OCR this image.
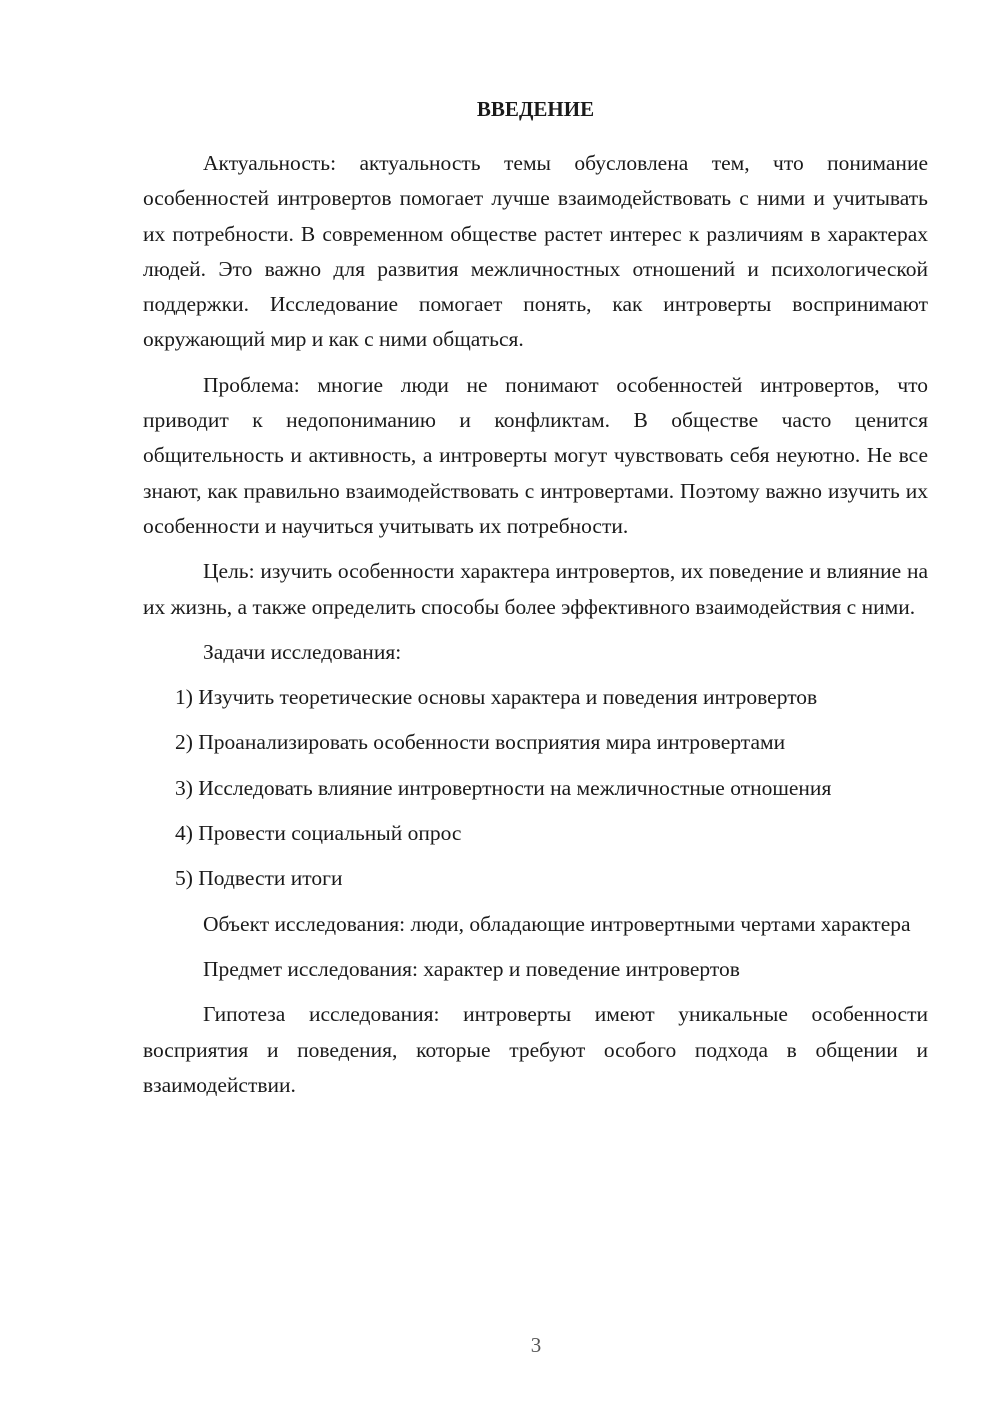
ВВЕДЕНИЕ

Актуальность: актуальность темы обусловлена тем, что понимание особенностей интровертов помогает лучше взаимодействовать с ними и учитывать их потребности. В современном обществе растет интерес к различиям в характерах людей. Это важно для развития межличностных отношений и психологической поддержки. Исследование помогает понять, как интроверты воспринимают окружающий мир и как с ними общаться.

Проблема: многие люди не понимают особенностей интровертов, что приводит к недопониманию и конфликтам. В обществе часто ценится общительность и активность, а интроверты могут чувствовать себя неуютно. Не все знают, как правильно взаимодействовать с интровертами. Поэтому важно изучить их особенности и научиться учитывать их потребности.

Цель: изучить особенности характера интровертов, их поведение и влияние на их жизнь, а также определить способы более эффективного взаимодействия с ними.

Задачи исследования:

1) Изучить теоретические основы характера и поведения интровертов

2) Проанализировать особенности восприятия мира интровертами

3) Исследовать влияние интровертности на межличностные отношения

4) Провести социальный опрос

5) Подвести итоги

Объект исследования: люди, обладающие интровертными чертами характера

Предмет исследования: характер и поведение интровертов

Гипотеза исследования: интроверты имеют уникальные особенности восприятия и поведения, которые требуют особого подхода в общении и взаимодействии.

3
